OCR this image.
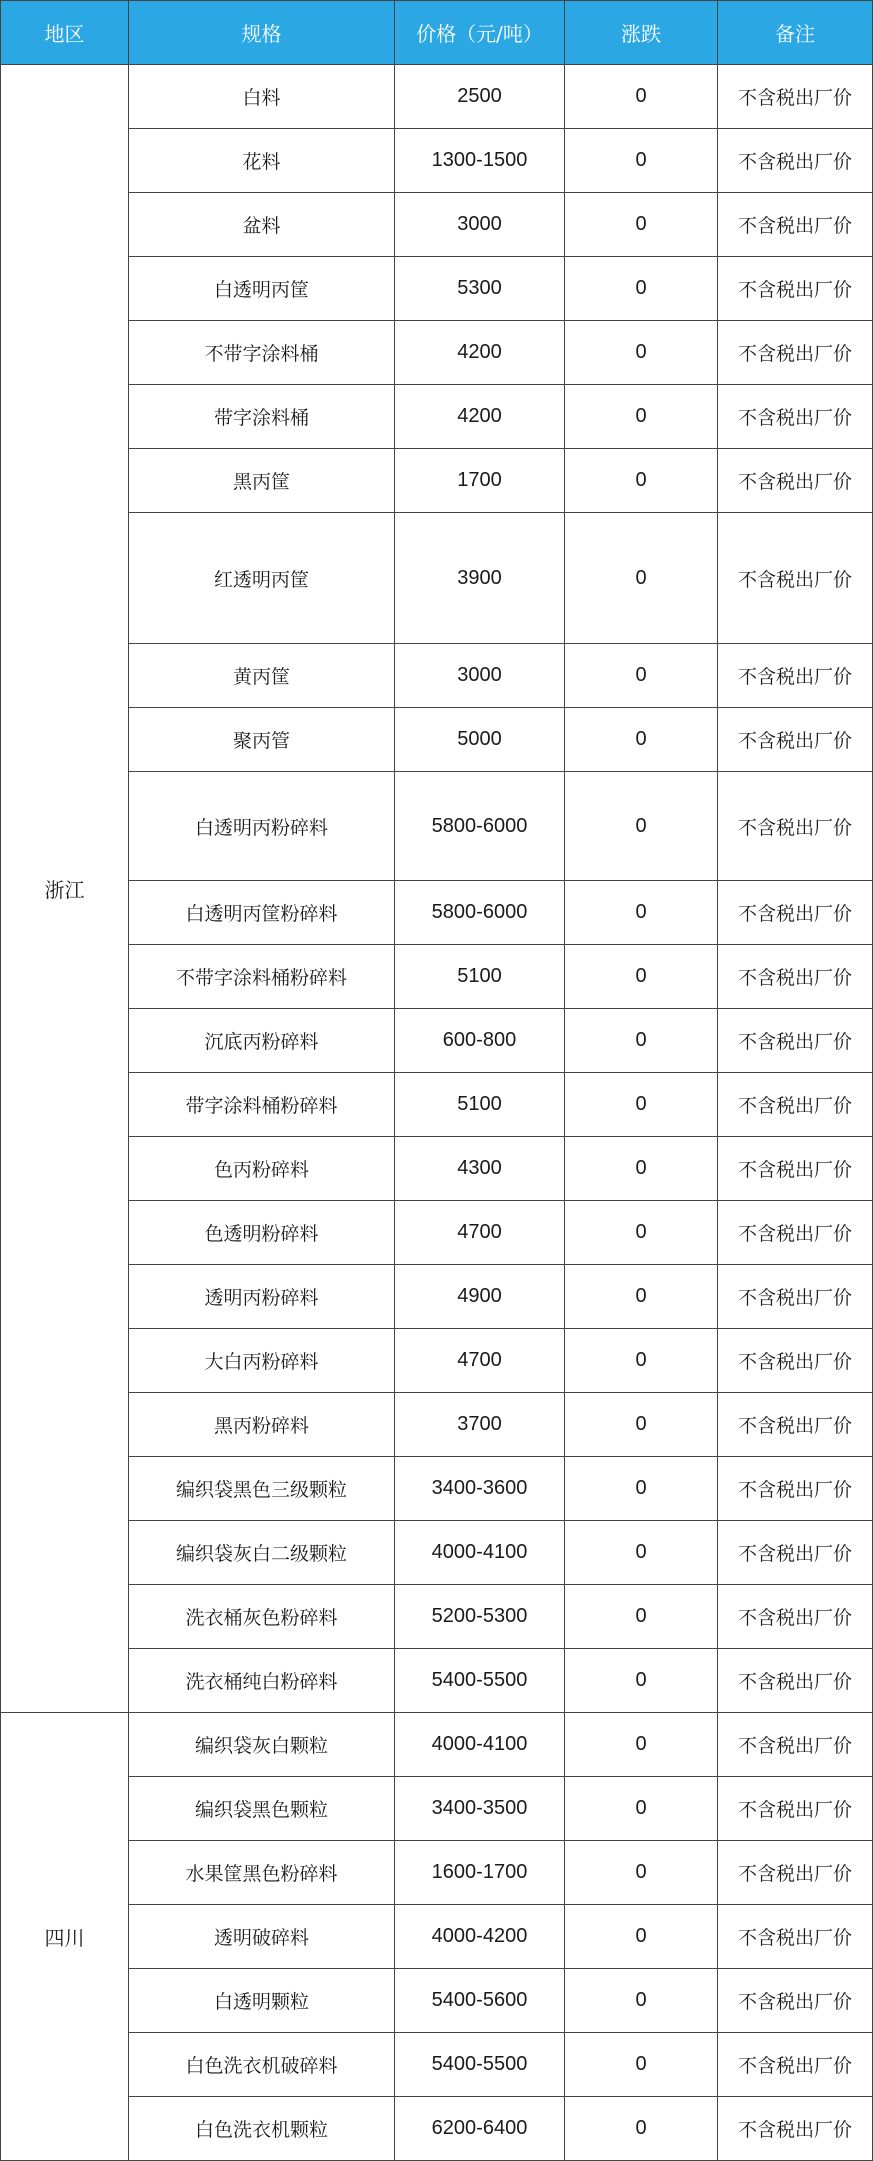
地区	规格	价格（元/吨）	涨跌	备注
浙江	白料	2500	0	不含税出厂价
	花料	1300-1500	0	不含税出厂价
	盆料	3000	0	不含税出厂价
	白透明丙筐	5300	0	不含税出厂价
	不带字涂料桶	4200	0	不含税出厂价
	带字涂料桶	4200	0	不含税出厂价
	黑丙筐	1700	0	不含税出厂价
	红透明丙筐	3900	0	不含税出厂价
	黄丙筐	3000	0	不含税出厂价
	聚丙管	5000	0	不含税出厂价
	白透明丙粉碎料	5800-6000	0	不含税出厂价
	白透明丙筐粉碎料	5800-6000	0	不含税出厂价
	不带字涂料桶粉碎料	5100	0	不含税出厂价
	沉底丙粉碎料	600-800	0	不含税出厂价
	带字涂料桶粉碎料	5100	0	不含税出厂价
	色丙粉碎料	4300	0	不含税出厂价
	色透明粉碎料	4700	0	不含税出厂价
	透明丙粉碎料	4900	0	不含税出厂价
	大白丙粉碎料	4700	0	不含税出厂价
	黑丙粉碎料	3700	0	不含税出厂价
	编织袋黑色三级颗粒	3400-3600	0	不含税出厂价
	编织袋灰白二级颗粒	4000-4100	0	不含税出厂价
	洗衣桶灰色粉碎料	5200-5300	0	不含税出厂价
	洗衣桶纯白粉碎料	5400-5500	0	不含税出厂价
四川	编织袋灰白颗粒	4000-4100	0	不含税出厂价
	编织袋黑色颗粒	3400-3500	0	不含税出厂价
	水果筐黑色粉碎料	1600-1700	0	不含税出厂价
	透明破碎料	4000-4200	0	不含税出厂价
	白透明颗粒	5400-5600	0	不含税出厂价
	白色洗衣机破碎料	5400-5500	0	不含税出厂价
	白色洗衣机颗粒	6200-6400	0	不含税出厂价
